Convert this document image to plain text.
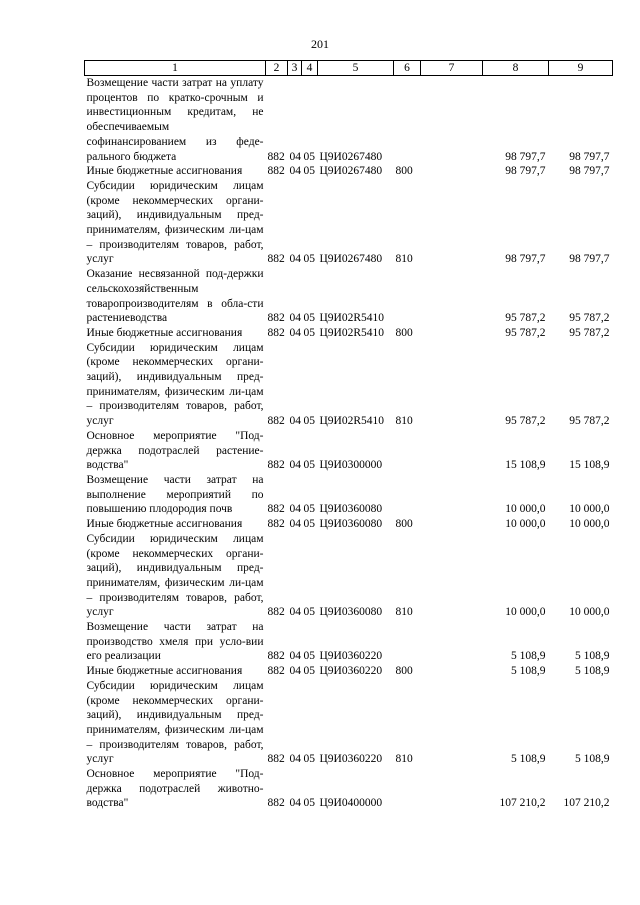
201
1	2	3	4	5	6	7	8	9
Возмещение части затрат на уплату процентов по кратко-срочным и инвестиционным кредитам, не обеспечиваемым софинансированием из феде-рального бюджета	882	04	05	Ц9И0267480			98 797,7	98 797,7
Иные бюджетные ассигнования	882	04	05	Ц9И0267480	800		98 797,7	98 797,7
Субсидии юридическим лицам (кроме некоммерческих органи-заций), индивидуальным пред-принимателям, физическим ли-цам – производителям товаров, работ, услуг	882	04	05	Ц9И0267480	810		98 797,7	98 797,7
Оказание несвязанной под-держки сельскохозяйственным товаропроизводителям в обла-сти растениеводства	882	04	05	Ц9И02R5410			95 787,2	95 787,2
Иные бюджетные ассигнования	882	04	05	Ц9И02R5410	800		95 787,2	95 787,2
Субсидии юридическим лицам (кроме некоммерческих органи-заций), индивидуальным пред-принимателям, физическим ли-цам – производителям товаров, работ, услуг	882	04	05	Ц9И02R5410	810		95 787,2	95 787,2
Основное мероприятие "Под-держка подотраслей растение-водства"	882	04	05	Ц9И0300000			15 108,9	15 108,9
Возмещение части затрат на выполнение мероприятий по повышению плодородия почв	882	04	05	Ц9И0360080			10 000,0	10 000,0
Иные бюджетные ассигнования	882	04	05	Ц9И0360080	800		10 000,0	10 000,0
Субсидии юридическим лицам (кроме некоммерческих органи-заций), индивидуальным пред-принимателям, физическим ли-цам – производителям товаров, работ, услуг	882	04	05	Ц9И0360080	810		10 000,0	10 000,0
Возмещение части затрат на производство хмеля при усло-вии его реализации	882	04	05	Ц9И0360220			5 108,9	5 108,9
Иные бюджетные ассигнования	882	04	05	Ц9И0360220	800		5 108,9	5 108,9
Субсидии юридическим лицам (кроме некоммерческих органи-заций), индивидуальным пред-принимателям, физическим ли-цам – производителям товаров, работ, услуг	882	04	05	Ц9И0360220	810		5 108,9	5 108,9
Основное мероприятие "Под-держка подотраслей животно-водства"	882	04	05	Ц9И0400000			107 210,2	107 210,2
